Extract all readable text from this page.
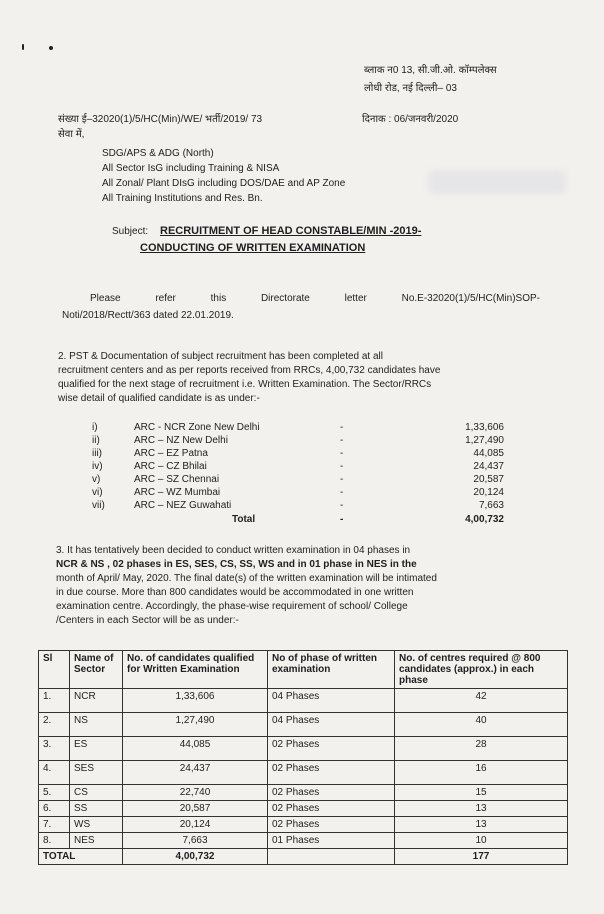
ब्लाक न0 13, सी.जी.ओ. कॉम्पलेक्स
लोधी रोड, नई दिल्ली– 03
संख्या ई–32020(1)/5/HC(Min)/WE/ भर्ती/2019/ 73	दिनाक : 06/जनवरी/2020
सेवा में,
SDG/APS & ADG (North)
All Sector IsG including Training & NISA
All Zonal/ Plant DIsG including DOS/DAE and AP Zone
All Training Institutions and Res. Bn.
Subject: RECRUITMENT OF HEAD CONSTABLE/MIN -2019-
CONDUCTING OF WRITTEN EXAMINATION
Please	refer	this	Directorate	letter	No.E-32020(1)/5/HC(Min)SOP-
Noti/2018/Rectt/363 dated 22.01.2019.
2. PST & Documentation of subject recruitment has been completed at all
recruitment centers and as per reports received from RRCs, 4,00,732 candidates have
qualified for the next stage of recruitment i.e. Written Examination. The Sector/RRCs
wise detail of qualified candidate is as under:-
i)	ARC - NCR Zone New Delhi	-	1,33,606
ii)	ARC – NZ New Delhi	-	1,27,490
iii)	ARC – EZ Patna	-	44,085
iv)	ARC – CZ Bhilai	-	24,437
v)	ARC – SZ Chennai	-	20,587
vi)	ARC – WZ Mumbai	-	20,124
vii)	ARC – NEZ Guwahati	-	7,663
Total	-	4,00,732
3. It has tentatively been decided to conduct written examination in 04 phases in
NCR & NS , 02 phases in ES, SES, CS, SS, WS and in 01 phase in NES in the
month of April/ May, 2020. The final date(s) of the written examination will be intimated
in due course. More than 800 candidates would be accommodated in one written
examination centre. Accordingly, the phase-wise requirement of school/ College
/Centers in each Sector will be as under:-
Sl	Name of Sector	No. of candidates qualified for Written Examination	No of phase of written examination	No. of centres required @ 800 candidates (approx.) in each phase
1.	NCR	1,33,606	04 Phases	42
2.	NS	1,27,490	04 Phases	40
3.	ES	44,085	02 Phases	28
4.	SES	24,437	02 Phases	16
5.	CS	22,740	02 Phases	15
6.	SS	20,587	02 Phases	13
7.	WS	20,124	02 Phases	13
8.	NES	7,663	01 Phases	10
TOTAL		4,00,732		177
